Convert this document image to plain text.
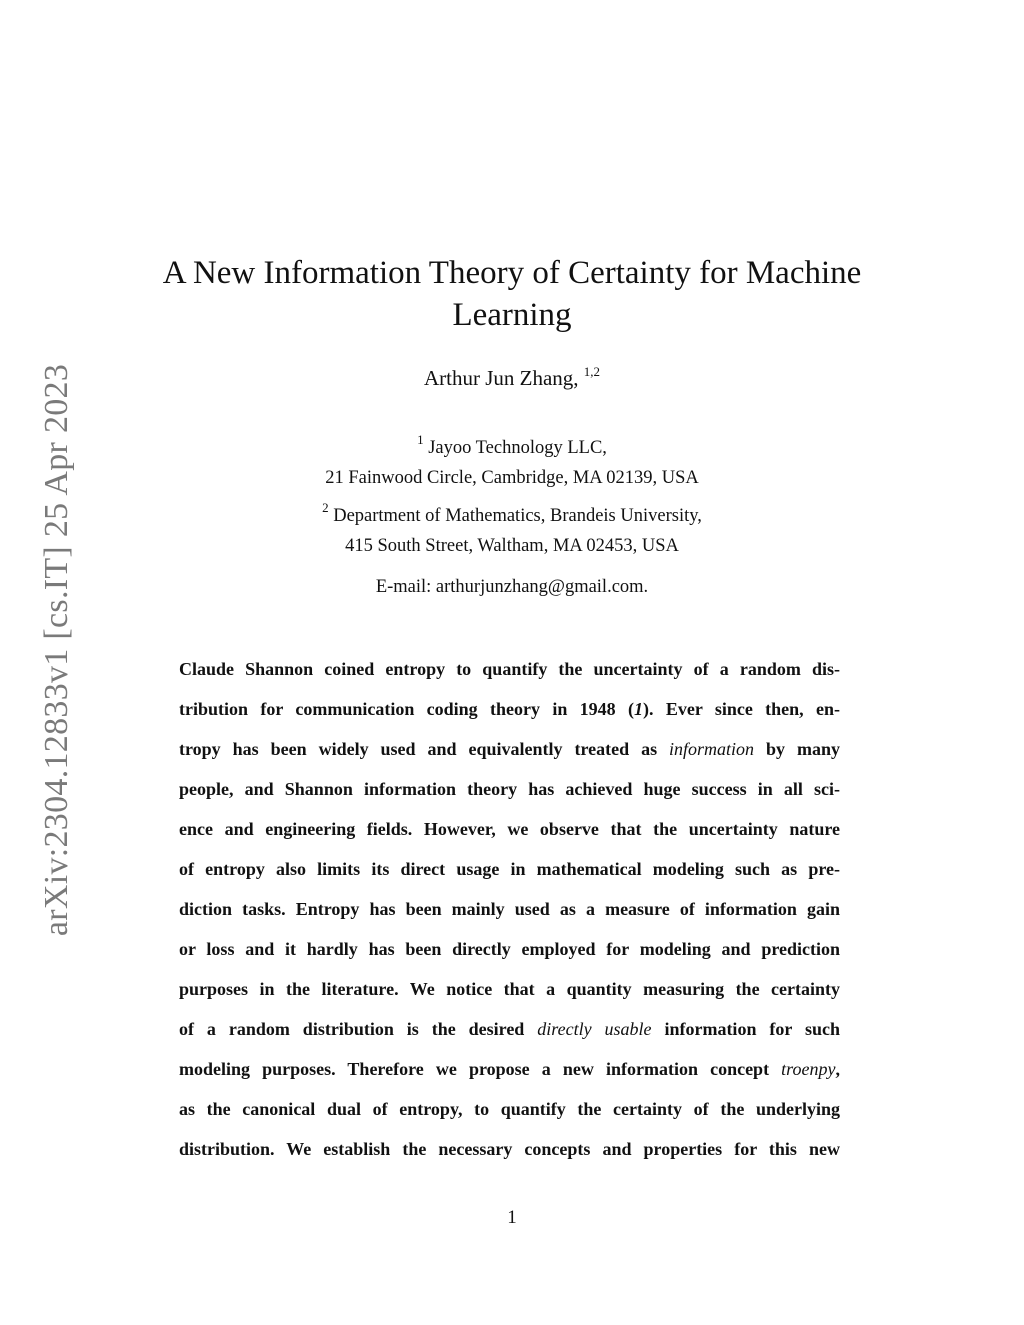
arXiv:2304.12833v1 [cs.IT] 25 Apr 2023
A New Information Theory of Certainty for Machine
Learning
Arthur Jun Zhang, $^{1,2}$
$^1$ Jayoo Technology LLC,
21 Fainwood Circle, Cambridge, MA 02139, USA
$^2$ Department of Mathematics, Brandeis University,
415 South Street, Waltham, MA 02453, USA
E-mail: arthurjunzhang@gmail.com.
Claude Shannon coined entropy to quantify the uncertainty of a random dis-
tribution for communication coding theory in 1948 (1). Ever since then, en-
tropy has been widely used and equivalently treated as information by many
people, and Shannon information theory has achieved huge success in all sci-
ence and engineering fields. However, we observe that the uncertainty nature
of entropy also limits its direct usage in mathematical modeling such as pre-
diction tasks. Entropy has been mainly used as a measure of information gain
or loss and it hardly has been directly employed for modeling and prediction
purposes in the literature. We notice that a quantity measuring the certainty
of a random distribution is the desired directly usable information for such
modeling purposes. Therefore we propose a new information concept troenpy,
as the canonical dual of entropy, to quantify the certainty of the underlying
distribution. We establish the necessary concepts and properties for this new
1
